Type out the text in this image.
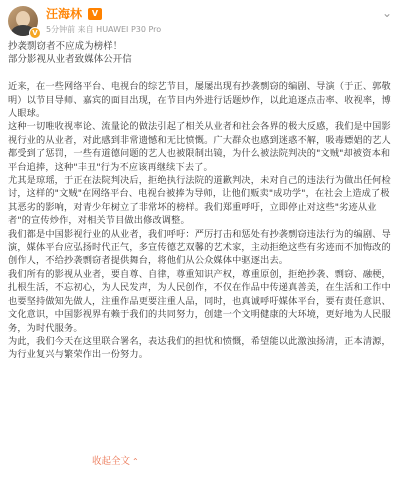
V
汪海林	V	⌄
5分钟前 来自 HUAWEI P30 Pro

抄袭剽窃者不应成为榜样！

部分影视从业者致媒体公开信

近来，在一些网络平台、电视台的综艺节目，屡屡出现有抄袭剽窃的编剧、导演（于正、郭敬明）以节目导师、嘉宾的面目出现，在节目内外进行话题炒作，以此追逐点击率、收视率，博人眼球。

这种一切唯收视率论、流量论的做法引起了相关从业者和社会各界的极大反感，我们是中国影视行业的从业者，对此感到非常遗憾和无比愤慨。广大群众也感到迷惑不解，吸毒嫖娼的艺人都受到了惩罚，一些有道德问题的艺人也被限制出镜，为什么被法院判决的"文贼"却被资本和平台追捧，这种"丰丑"行为不应该再继续下去了。

尤其是琼瑶，于正在法院判决后，拒绝执行法院的道歉判决，未对自己的违法行为做出任何检讨，这样的"文贼"在网络平台、电视台被捧为导师，让他们贩卖"成功学"，在社会上造成了极其恶劣的影响，对青少年树立了非常坏的榜样。我们郑重呼吁，立即停止对这些"劣迹从业者"的宣传炒作，对相关节目做出修改调整。

我们都是中国影视行业的从业者，我们呼吁：严厉打击和惩处有抄袭剽窃违法行为的编剧、导演，媒体平台应弘扬时代正气，多宣传德艺双馨的艺术家，主动拒绝这些有劣迹而不加悔改的创作人，不给抄袭剽窃者提供舞台，将他们从公众媒体中驱逐出去。

我们所有的影视从业者，要自尊、自律，尊重知识产权，尊重原创，拒绝抄袭、剽窃、融梗，扎根生活，不忘初心，为人民发声，为人民创作，不仅在作品中传递真善美，在生活和工作中也要坚持做知先做人，注重作品更要注重人品，同时，也真诚呼吁媒体平台，要有责任意识、文化意识，中国影视界有赖于我们的共同努力，创建一个文明健康的大环境，更好地为人民服务，为时代服务。

为此，我们今天在这里联合署名，表达我们的担忧和愤慨，希望能以此激浊扬清，正本清源，为行业复兴与繁荣作出一份努力。

收起全文 ⌃
